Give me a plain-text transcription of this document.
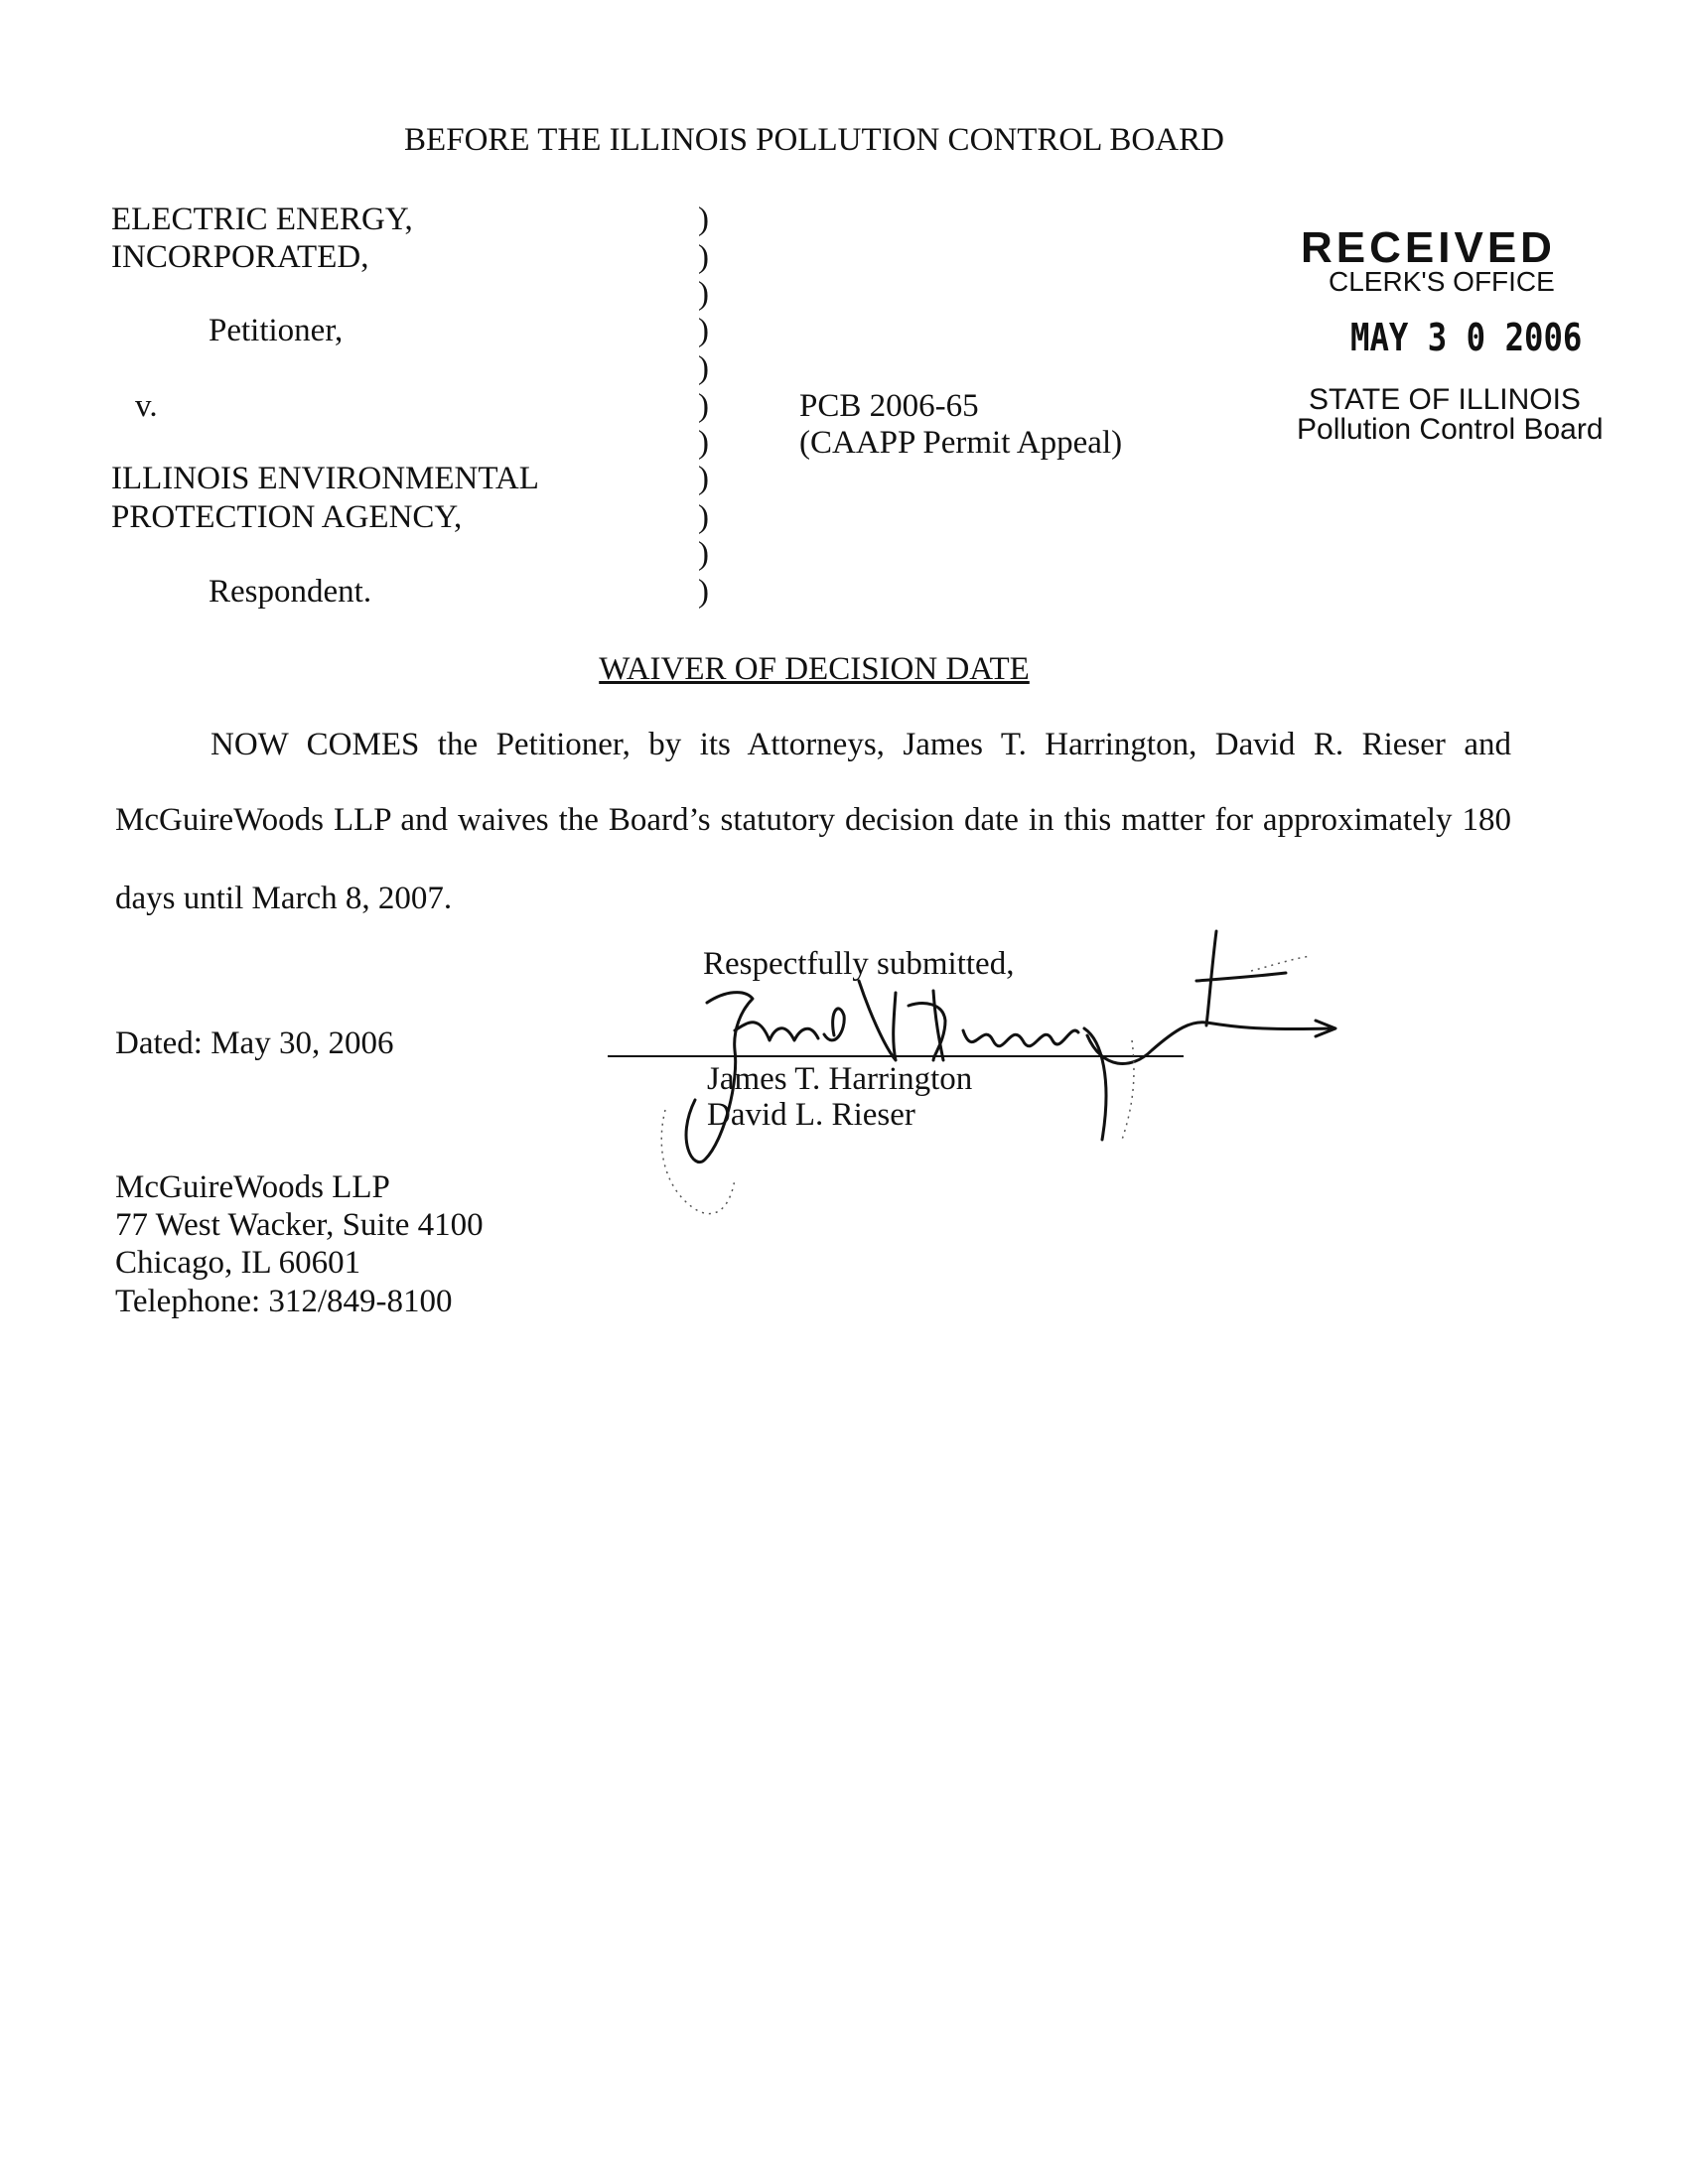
BEFORE THE ILLINOIS POLLUTION CONTROL BOARD
ELECTRIC ENERGY,
INCORPORATED,
Petitioner,
v.
ILLINOIS ENVIRONMENTAL
PROTECTION AGENCY,
Respondent.
)
)
)
)
)
)
)
)
)
)
)
PCB 2006-65
(CAAPP Permit Appeal)
RECEIVED
CLERK'S OFFICE
MAY 3 0 2006
STATE OF ILLINOIS
Pollution Control Board
WAIVER OF DECISION DATE
NOW COMES the Petitioner, by its Attorneys, James T. Harrington, David R. Rieser and
McGuireWoods LLP and waives the Board’s statutory decision date in this matter for approximately 180
days until March 8, 2007.
Respectfully submitted,
Dated: May 30, 2006
James T. Harrington
David L. Rieser
McGuireWoods LLP
77 West Wacker, Suite 4100
Chicago, IL 60601
Telephone: 312/849-8100
